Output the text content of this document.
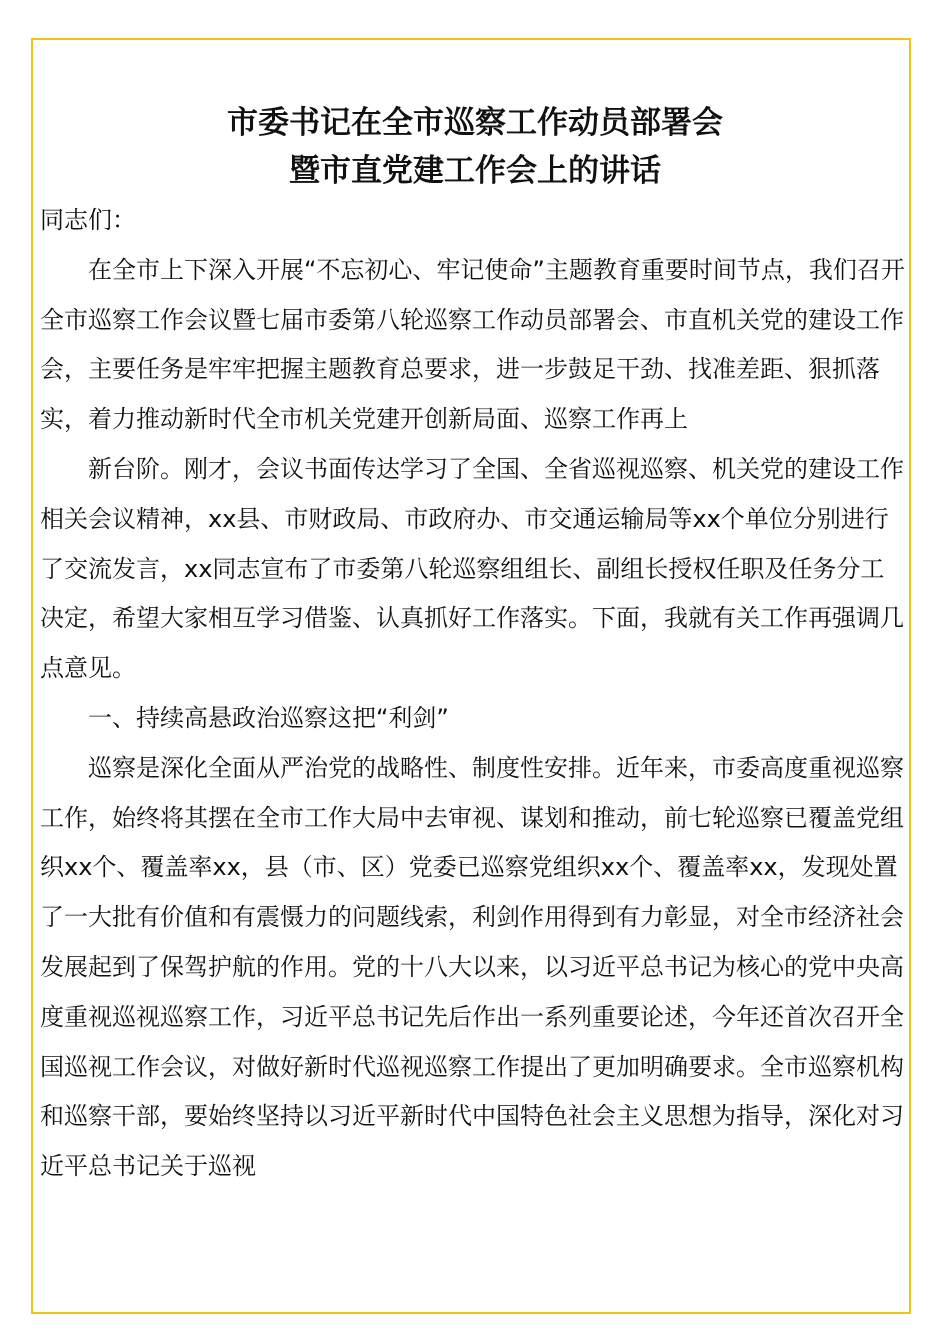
市委书记在全市巡察工作动员部署会
暨市直党建工作会上的讲话

同志们：

在全市上下深入开展“不忘初心、牢记使命”主题教育重要时间节点，我们召开全市巡察工作会议暨七届市委第八轮巡察工作动员部署会、市直机关党的建设工作会，主要任务是牢牢把握主题教育总要求，进一步鼓足干劲、找准差距、狠抓落实，着力推动新时代全市机关党建开创新局面、巡察工作再上

新台阶。刚才，会议书面传达学习了全国、全省巡视巡察、机关党的建设工作相关会议精神，xx县、市财政局、市政府办、市交通运输局等xx个单位分别进行了交流发言，xx同志宣布了市委第八轮巡察组组长、副组长授权任职及任务分工决定，希望大家相互学习借鉴、认真抓好工作落实。下面，我就有关工作再强调几点意见。

一、持续高悬政治巡察这把“利剑”

巡察是深化全面从严治党的战略性、制度性安排。近年来，市委高度重视巡察工作，始终将其摆在全市工作大局中去审视、谋划和推动，前七轮巡察已覆盖党组织xx个、覆盖率xx，县（市、区）党委已巡察党组织xx个、覆盖率xx，发现处置了一大批有价值和有震慑力的问题线索，利剑作用得到有力彰显，对全市经济社会发展起到了保驾护航的作用。党的十八大以来，以习近平总书记为核心的党中央高度重视巡视巡察工作，习近平总书记先后作出一系列重要论述，今年还首次召开全国巡视工作会议，对做好新时代巡视巡察工作提出了更加明确要求。全市巡察机构和巡察干部，要始终坚持以习近平新时代中国特色社会主义思想为指导，深化对习近平总书记关于巡视
